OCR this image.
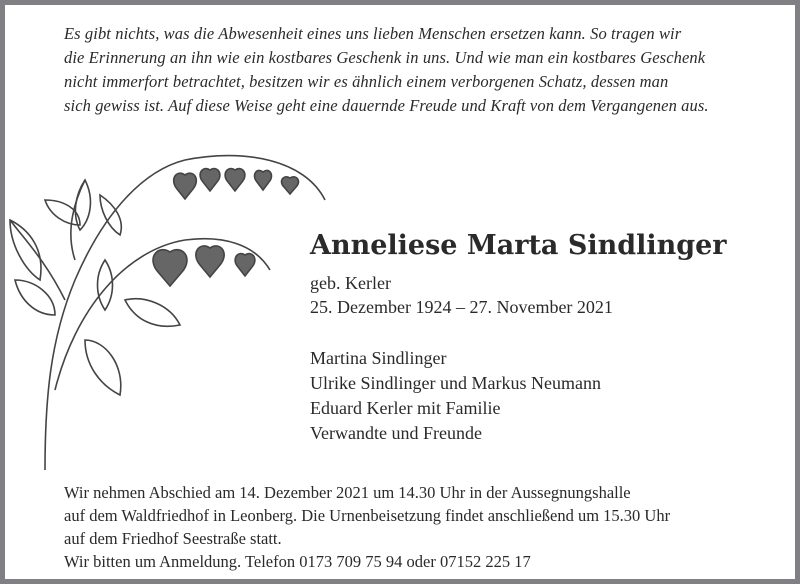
Es gibt nichts, was die Abwesenheit eines uns lieben Menschen ersetzen kann. So tragen wir
die Erinnerung an ihn wie ein kostbares Geschenk in uns. Und wie man ein kostbares Geschenk
nicht immerfort betrachtet, besitzen wir es ähnlich einem verborgenen Schatz, dessen man
sich gewiss ist. Auf diese Weise geht eine dauernde Freude und Kraft von dem Vergangenen aus.
Anneliese Marta Sindlinger
geb. Kerler
25. Dezember 1924 – 27. November 2021
Martina Sindlinger
Ulrike Sindlinger und Markus Neumann
Eduard Kerler mit Familie
Verwandte und Freunde
Wir nehmen Abschied am 14. Dezember 2021 um 14.30 Uhr in der Aussegnungshalle
auf dem Waldfriedhof in Leonberg. Die Urnenbeisetzung findet anschließend um 15.30 Uhr
auf dem Friedhof Seestraße statt.
Wir bitten um Anmeldung. Telefon 0173 709 75 94 oder 07152 225 17
